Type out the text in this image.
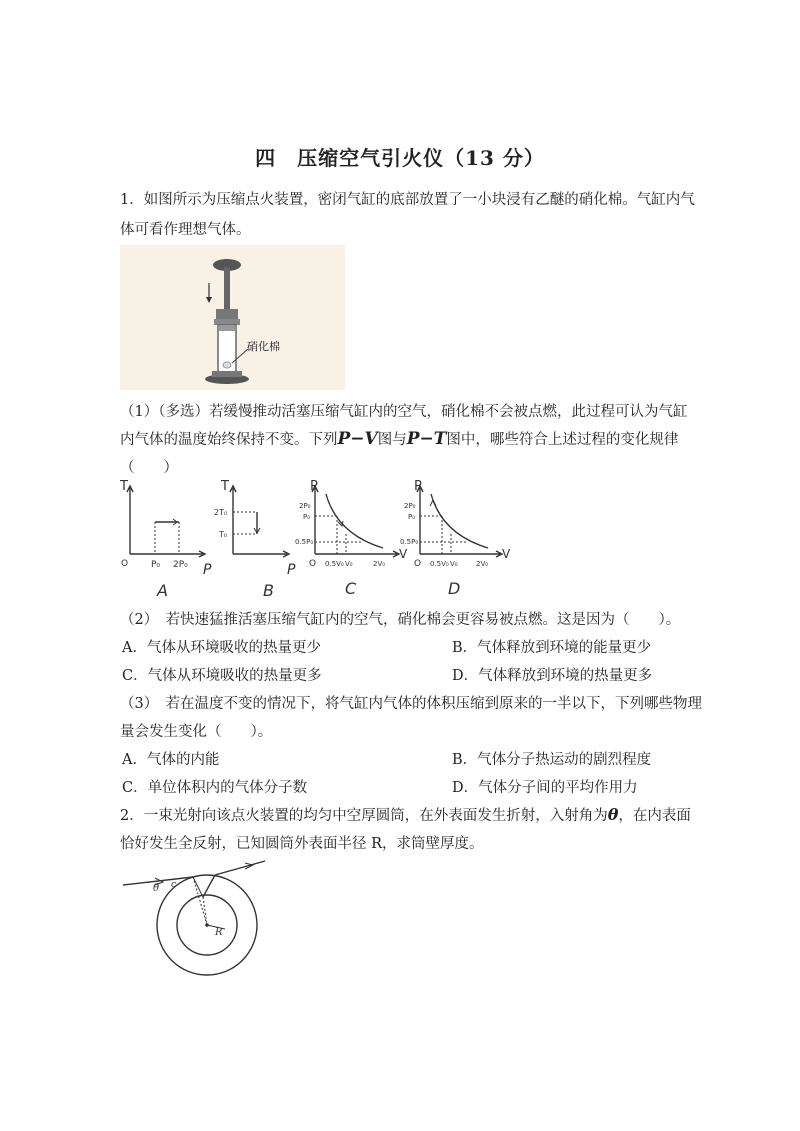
四　压缩空气引火仪（13 分）
1．如图所示为压缩点火装置，密闭气缸的底部放置了一小块浸有乙醚的硝化棉。气缸内气
体可看作理想气体。
硝化棉
（1）（多选）若缓慢推动活塞压缩气缸内的空气，硝化棉不会被点燃，此过程可认为气缸
内气体的温度始终保持不变。下列P−V图与P−T图中，哪些符合上述过程的变化规律
（　　）
T
O	P₀ 2P₀ P
A
T
2T₀
T₀
P
B
P
2P₀
P₀
0.5P₀
O 0.5V₀ V₀	2V₀
V
C
P
2P₀
P₀
0.5P₀
O 0.5V₀ V₀	2V₀
V
D
（2）　若快速猛推活塞压缩气缸内的空气，硝化棉会更容易被点燃。这是因为（　　）。
A．气体从环境吸收的热量更少	B．气体释放到环境的能量更少
C．气体从环境吸收的热量更多	D．气体释放到环境的热量更多
（3）　若在温度不变的情况下，将气缸内气体的体积压缩到原来的一半以下，下列哪些物理
量会发生变化（　　）。
A．气体的内能	B．气体分子热运动的剧烈程度
C．单位体积内的气体分子数	D．气体分子间的平均作用力
2．一束光射向该点火装置的均匀中空厚圆筒，在外表面发生折射，入射角为θ，在内表面
恰好发生全反射，已知圆筒外表面半径 R，求筒壁厚度。
θ c
R
